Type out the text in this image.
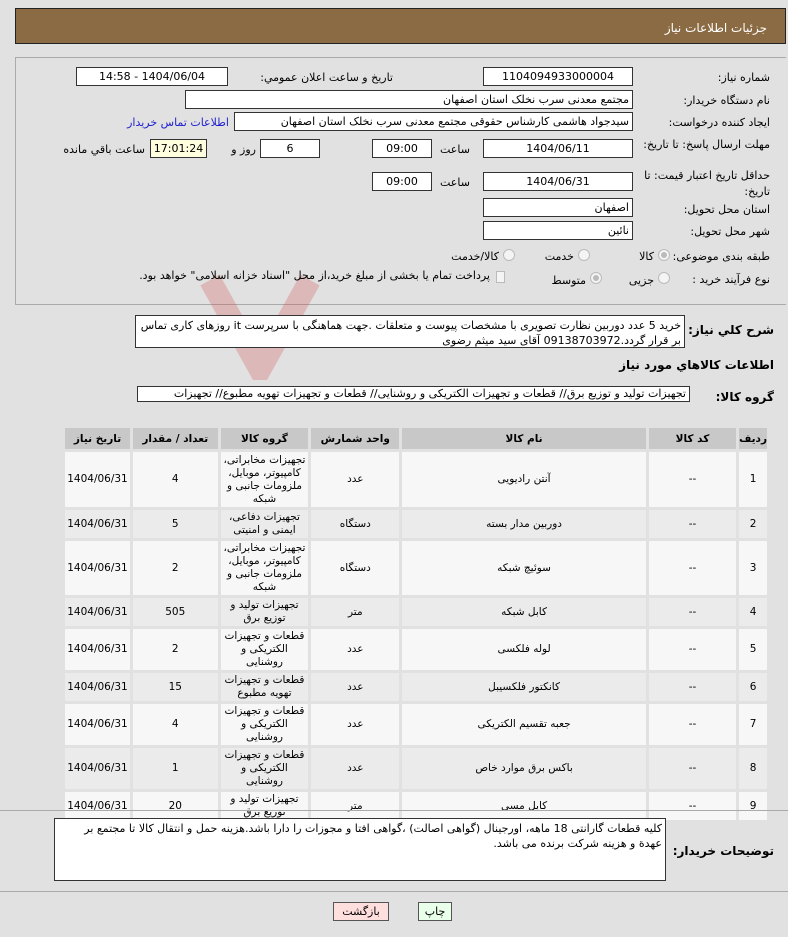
جزئیات اطلاعات نیاز
شماره نیاز:
1104094933000004
تاریخ و ساعت اعلان عمومي:
1404/06/04 - 14:58
نام دستگاه خریدار:
مجتمع معدنی سرب نخلک استان اصفهان
ایجاد کننده درخواست:
سیدجواد هاشمی کارشناس حقوقی مجتمع معدنی سرب نخلک استان اصفهان
اطلاعات تماس خریدار
مهلت ارسال پاسخ: تا تاریخ:
1404/06/11
ساعت
09:00
6
روز و
17:01:24
ساعت باقي مانده
حداقل تاریخ اعتبار قیمت: تا تاریخ:
1404/06/31
ساعت
09:00
استان محل تحویل:
اصفهان
شهر محل تحویل:
نائین
طبقه بندی موضوعی:
کالا
خدمت
کالا/خدمت
نوع فرآیند خرید :
جزیی
متوسط
پرداخت تمام یا بخشی از مبلغ خرید،از محل "اسناد خزانه اسلامی" خواهد بود.
شرح كلي نياز:
خرید 5 عدد دوربین نظارت تصویری با مشخصات پیوست و متعلقات .جهت هماهنگی با سرپرست it روزهای کاری تماس بر قرار گردد.09138703972 آقای سید میثم رضوی
اطلاعات كالاهاي مورد نياز
گروه کالا:
تجهیزات تولید و توزیع برق// قطعات و تجهیزات الکتریکی و روشنایی// قطعات و تجهیزات تهویه مطبوع// تجهیزات
ردیف	کد کالا	نام کالا	واحد شمارش	گروه کالا	تعداد / مقدار	تاریخ نیاز
1	--	آنتن رادیویی	عدد	تجهیزات مخابراتی، کامپیوتر، موبایل، ملزومات جانبی و شبکه	4	1404/06/31
2	--	دوربین مدار بسته	دستگاه	تجهیزات دفاعی، ایمنی و امنیتی	5	1404/06/31
3	--	سوئیچ شبکه	دستگاه	تجهیزات مخابراتی، کامپیوتر، موبایل، ملزومات جانبی و شبکه	2	1404/06/31
4	--	کابل شبکه	متر	تجهیزات تولید و توزیع برق	505	1404/06/31
5	--	لوله فلکسی	عدد	قطعات و تجهیزات الکتریکی و روشنایی	2	1404/06/31
6	--	کانکتور فلکسیبل	عدد	قطعات و تجهیزات تهویه مطبوع	15	1404/06/31
7	--	جعبه تقسیم الکتریکی	عدد	قطعات و تجهیزات الکتریکی و روشنایی	4	1404/06/31
8	--	باکس برق موارد خاص	عدد	قطعات و تجهیزات الکتریکی و روشنایی	1	1404/06/31
9	--	کابل مسی	متر	تجهیزات تولید و توزیع برق	20	1404/06/31
توضیحات خریدار:
کلیه قطعات گارانتی 18 ماهه، اورجینال (گواهی اصالت) ،گواهی افتا و مجوزات را دارا باشد.هزینه حمل و انتقال کالا تا مجتمع بر عهدة و هزینه شرکت برنده می باشد.
چاپ
بازگشت
